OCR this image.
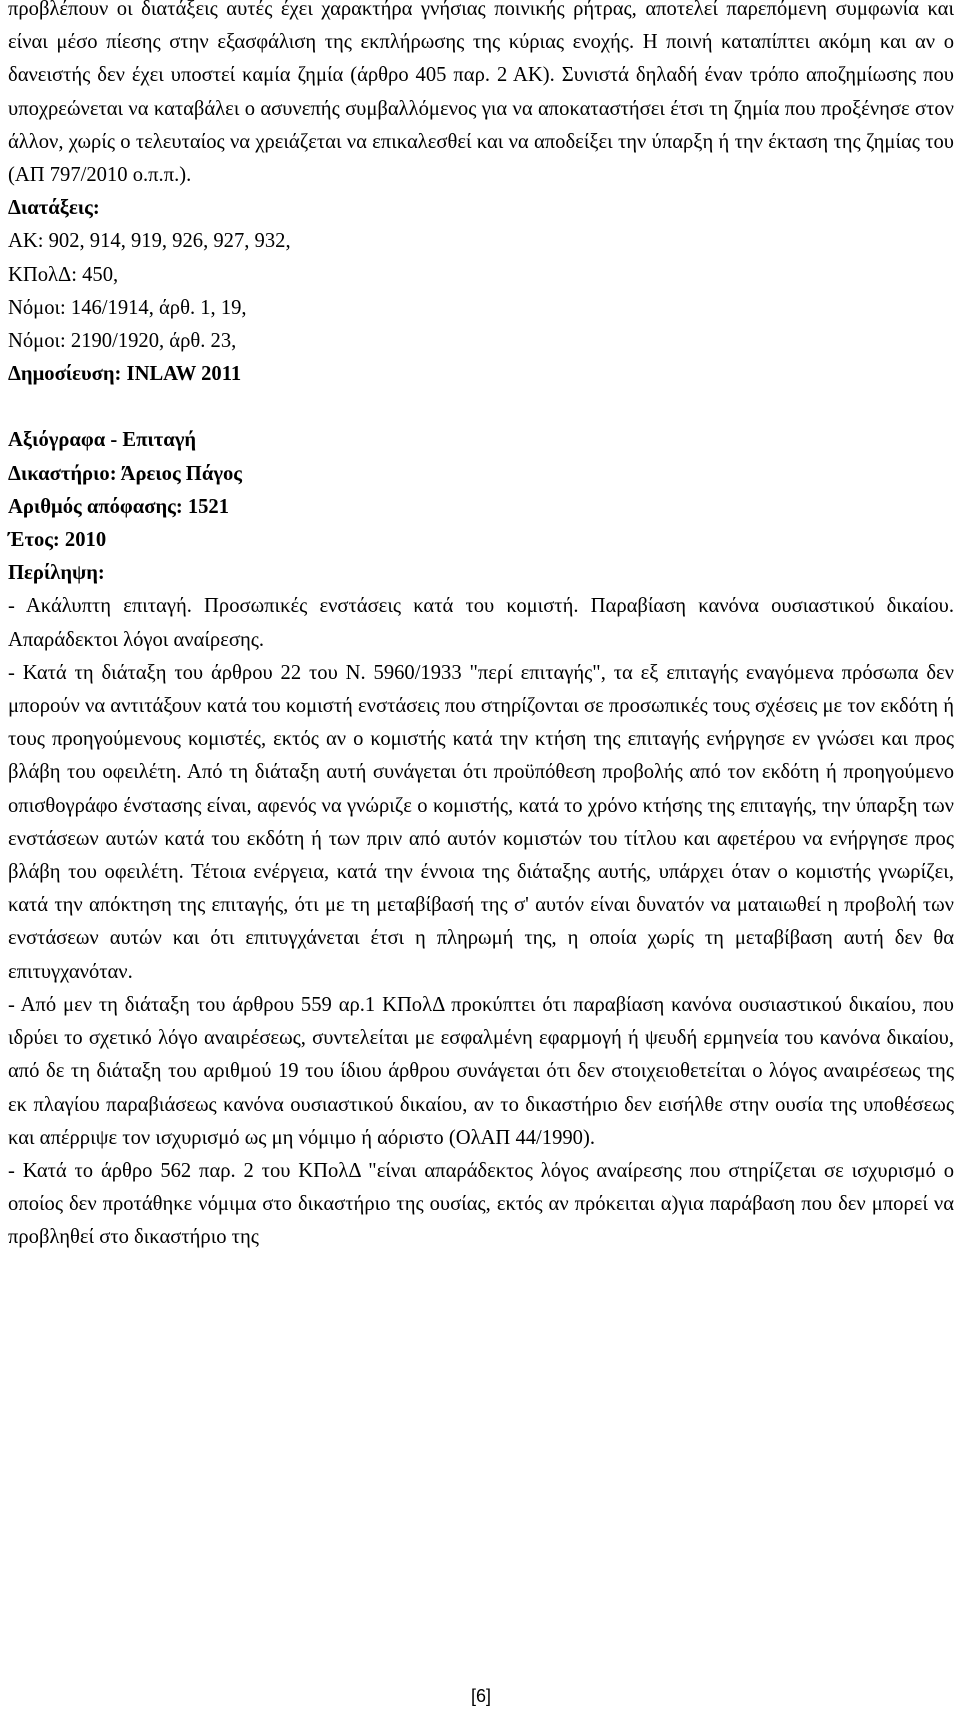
προβλέπουν οι διατάξεις αυτές έχει χαρακτήρα γνήσιας ποινικής ρήτρας, αποτελεί παρεπόμενη συμφωνία και είναι μέσο πίεσης στην εξασφάλιση της εκπλήρωσης της κύριας ενοχής. Η ποινή καταπίπτει ακόμη και αν ο δανειστής δεν έχει υποστεί καμία ζημία (άρθρο 405 παρ. 2 ΑΚ). Συνιστά δηλαδή έναν τρόπο αποζημίωσης που υποχρεώνεται να καταβάλει ο ασυνεπής συμβαλλόμενος για να αποκαταστήσει έτσι τη ζημία που προξένησε στον άλλον, χωρίς ο τελευταίος να χρειάζεται να επικαλεσθεί και να αποδείξει την ύπαρξη ή την έκταση της ζημίας του (ΑΠ 797/2010 ο.π.π.).

Διατάξεις:

ΑΚ: 902, 914, 919, 926, 927, 932,

ΚΠολΔ: 450,

Νόμοι: 146/1914, άρθ. 1, 19,

Νόμοι: 2190/1920, άρθ. 23,

Δημοσίευση: INLAW 2011

Αξιόγραφα - Επιταγή

Δικαστήριο: Άρειος Πάγος

Αριθμός απόφασης: 1521

Έτος: 2010

Περίληψη:

- Ακάλυπτη επιταγή. Προσωπικές ενστάσεις κατά του κομιστή. Παραβίαση κανόνα ουσιαστικού δικαίου. Απαράδεκτοι λόγοι αναίρεσης.

- Κατά τη διάταξη του άρθρου 22 του Ν. 5960/1933 "περί επιταγής", τα εξ επιταγής εναγόμενα πρόσωπα δεν μπορούν να αντιτάξουν κατά του κομιστή ενστάσεις που στηρίζονται σε προσωπικές τους σχέσεις με τον εκδότη ή τους προηγούμενους κομιστές, εκτός αν ο κομιστής κατά την κτήση της επιταγής ενήργησε εν γνώσει και προς βλάβη του οφειλέτη. Από τη διάταξη αυτή συνάγεται ότι προϋπόθεση προβολής από τον εκδότη ή προηγούμενο οπισθογράφο ένστασης είναι, αφενός να γνώριζε ο κομιστής, κατά το χρόνο κτήσης της επιταγής, την ύπαρξη των ενστάσεων αυτών κατά του εκδότη ή των πριν από αυτόν κομιστών του τίτλου και αφετέρου να ενήργησε προς βλάβη του οφειλέτη. Τέτοια ενέργεια, κατά την έννοια της διάταξης αυτής, υπάρχει όταν ο κομιστής γνωρίζει, κατά την απόκτηση της επιταγής, ότι με τη μεταβίβασή της σ' αυτόν είναι δυνατόν να ματαιωθεί η προβολή των ενστάσεων αυτών και ότι επιτυγχάνεται έτσι η πληρωμή της, η οποία χωρίς τη μεταβίβαση αυτή δεν θα επιτυγχανόταν.

- Από μεν τη διάταξη του άρθρου 559 αρ.1 ΚΠολΔ προκύπτει ότι παραβίαση κανόνα ουσιαστικού δικαίου, που ιδρύει το σχετικό λόγο αναιρέσεως, συντελείται με εσφαλμένη εφαρμογή ή ψευδή ερμηνεία του κανόνα δικαίου, από δε τη διάταξη του αριθμού 19 του ίδιου άρθρου συνάγεται ότι δεν στοιχειοθετείται ο λόγος αναιρέσεως της εκ πλαγίου παραβιάσεως κανόνα ουσιαστικού δικαίου, αν το δικαστήριο δεν εισήλθε στην ουσία της υποθέσεως και απέρριψε τον ισχυρισμό ως μη νόμιμο ή αόριστο (ΟλΑΠ 44/1990).

- Κατά το άρθρο 562 παρ. 2 του ΚΠολΔ "είναι απαράδεκτος λόγος αναίρεσης που στηρίζεται σε ισχυρισμό ο οποίος δεν προτάθηκε νόμιμα στο δικαστήριο της ουσίας, εκτός αν πρόκειται α)για παράβαση που δεν μπορεί να προβληθεί στο δικαστήριο της

[6]
